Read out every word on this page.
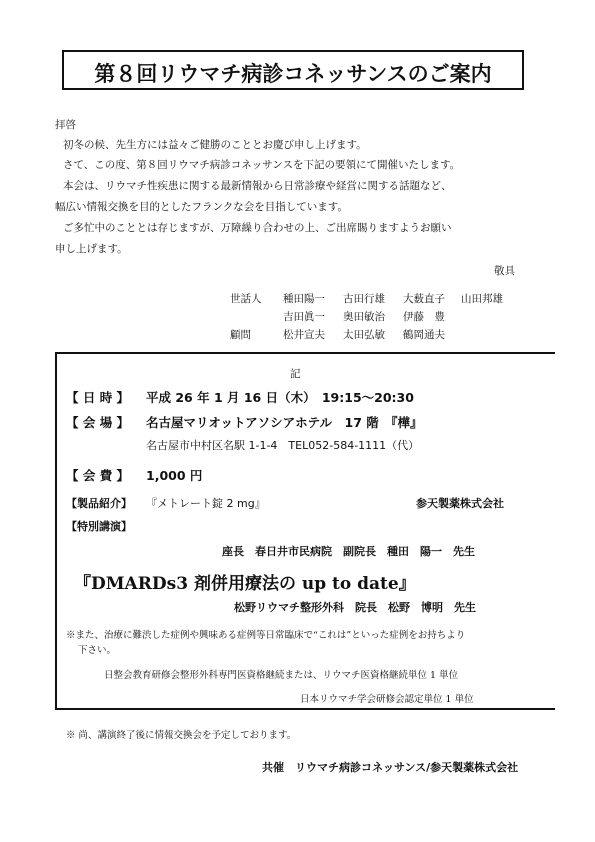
第８回リウマチ病診コネッサンスのご案内
拝啓
初冬の候、先生方には益々ご健勝のこととお慶び申し上げます。
さて、この度、第８回リウマチ病診コネッサンスを下記の要領にて開催いたします。
本会は、リウマチ性疾患に関する最新情報から日常診療や経営に関する話題など、
幅広い情報交換を目的としたフランクな会を目指しています。
ご多忙中のこととは存じますが、万障繰り合わせの上、ご出席賜りますようお願い
申し上げます。
敬具
世話人 種田陽一 古田行雄 大薮直子 山田邦雄
吉田眞一 奥田敏治 伊藤　豊
顧問	松井宣夫 太田弘敏 鶴岡通夫
記
【 日 時 】 平成 26 年 1 月 16 日（木）　19:15〜20:30
【 会 場 】 名古屋マリオットアソシアホテル　17 階　『樺』
名古屋市中村区名駅 1-1-4　TEL052-584-1111（代）
【 会 費 】 1,000 円
【製品紹介】 『メトレート錠 2 mg』	参天製薬株式会社
【特別講演】
座長　春日井市民病院　副院長　種田　陽一　先生
『DMARDs3 剤併用療法の up to date』
松野リウマチ整形外科　院長　松野　博明　先生
※また、治療に難渋した症例や興味ある症例等日常臨床で“これは”といった症例をお持ちより
下さい。
日整会教育研修会整形外科専門医資格継続または、リウマチ医資格継続単位 1 単位
日本リウマチ学会研修会認定単位 1 単位
※ 尚、講演終了後に情報交換会を予定しております。
共催　リウマチ病診コネッサンス/参天製薬株式会社
